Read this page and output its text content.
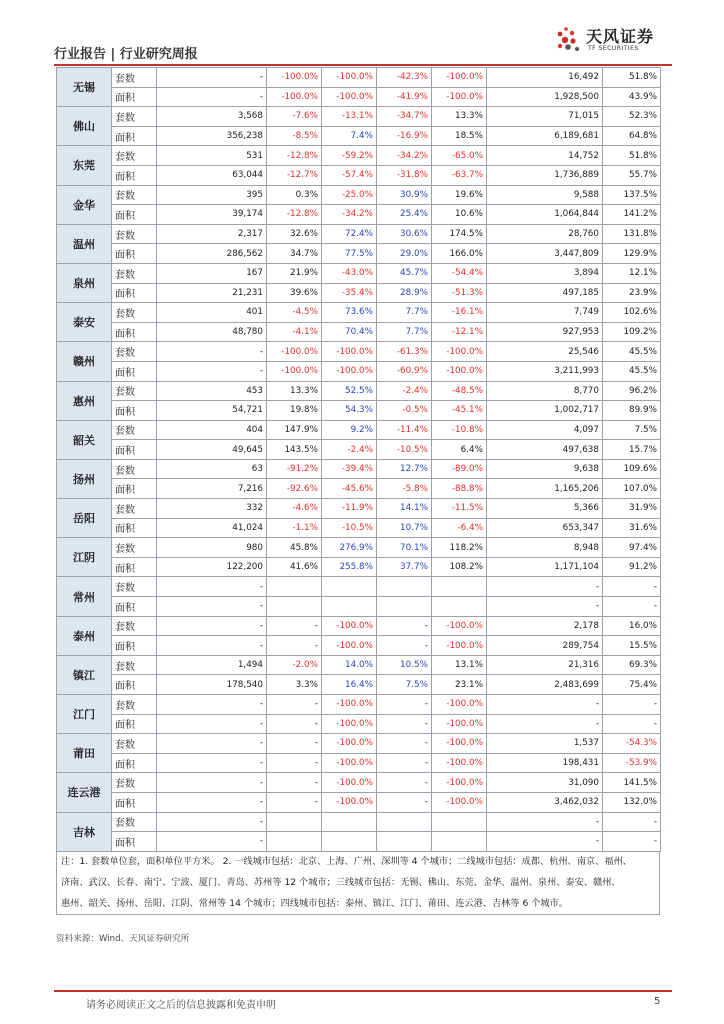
行业报告 | 行业研究周报
天风证券
TF SECURITIES
无锡	套数	-	-100.0%	-100.0%	-42.3%	-100.0%	16,492	51.8%
	面积	-	-100.0%	-100.0%	-41.9%	-100.0%	1,928,500	43.9%
佛山	套数	3,568	-7.6%	-13.1%	-34.7%	13.3%	71,015	52.3%
	面积	356,238	-8.5%	7.4%	-16.9%	18.5%	6,189,681	64.8%
东莞	套数	531	-12.8%	-59.2%	-34.2%	-65.0%	14,752	51.8%
	面积	63,044	-12.7%	-57.4%	-31.8%	-63.7%	1,736,889	55.7%
金华	套数	395	0.3%	-25.0%	30.9%	19.6%	9,588	137.5%
	面积	39,174	-12.8%	-34.2%	25.4%	10.6%	1,064,844	141.2%
温州	套数	2,317	32.6%	72.4%	30.6%	174.5%	28,760	131.8%
	面积	286,562	34.7%	77.5%	29.0%	166.0%	3,447,809	129.9%
泉州	套数	167	21.9%	-43.0%	45.7%	-54.4%	3,894	12.1%
	面积	21,231	39.6%	-35.4%	28.9%	-51.3%	497,185	23.9%
泰安	套数	401	-4.5%	73.6%	7.7%	-16.1%	7,749	102.6%
	面积	48,780	-4.1%	70.4%	7.7%	-12.1%	927,953	109.2%
赣州	套数	-	-100.0%	-100.0%	-61.3%	-100.0%	25,546	45.5%
	面积	-	-100.0%	-100.0%	-60.9%	-100.0%	3,211,993	45.5%
惠州	套数	453	13.3%	52.5%	-2.4%	-48.5%	8,770	96.2%
	面积	54,721	19.8%	54.3%	-0.5%	-45.1%	1,002,717	89.9%
韶关	套数	404	147.9%	9.2%	-11.4%	-10.8%	4,097	7.5%
	面积	49,645	143.5%	-2.4%	-10.5%	6.4%	497,638	15.7%
扬州	套数	63	-91.2%	-39.4%	12.7%	-89.0%	9,638	109.6%
	面积	7,216	-92.6%	-45.6%	-5.8%	-88.8%	1,165,206	107.0%
岳阳	套数	332	-4.6%	-11.9%	14.1%	-11.5%	5,366	31.9%
	面积	41,024	-1.1%	-10.5%	10.7%	-6.4%	653,347	31.6%
江阴	套数	980	45.8%	276.9%	70.1%	118.2%	8,948	97.4%
	面积	122,200	41.6%	255.8%	37.7%	108.2%	1,171,104	91.2%
常州	套数	-					-	-
	面积	-					-	-
泰州	套数	-	-	-100.0%	-	-100.0%	2,178	16.0%
	面积	-	-	-100.0%	-	-100.0%	289,754	15.5%
镇江	套数	1,494	-2.0%	14.0%	10.5%	13.1%	21,316	69.3%
	面积	178,540	3.3%	16.4%	7.5%	23.1%	2,483,699	75.4%
江门	套数	-	-	-100.0%	-	-100.0%	-	-
	面积	-	-	-100.0%	-	-100.0%	-	-
莆田	套数	-	-	-100.0%	-	-100.0%	1,537	-54.3%
	面积	-	-	-100.0%	-	-100.0%	198,431	-53.9%
连云港	套数	-	-	-100.0%	-	-100.0%	31,090	141.5%
	面积	-	-	-100.0%	-	-100.0%	3,462,032	132.0%
吉林	套数	-					-	-
	面积	-					-	-
注：1. 套数单位套，面积单位平方米。 2. 一线城市包括：北京、上海、广州、深圳等 4 个城市；二线城市包括：成都、杭州、南京、福州、
济南、武汉、长春、南宁、宁波、厦门、青岛、苏州等 12 个城市；三线城市包括：无锡、佛山、东莞、金华、温州、泉州、泰安、赣州、
惠州、韶关、扬州、岳阳、江阴、常州等 14 个城市；四线城市包括：泰州、镇江、江门、莆田、连云港、吉林等 6 个城市。
资料来源：Wind、天风证券研究所
请务必阅读正文之后的信息披露和免责申明	5
